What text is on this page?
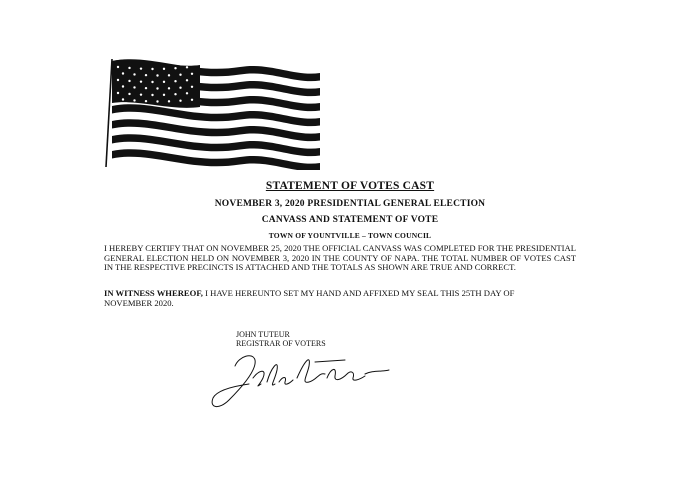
STATEMENT OF VOTES CAST
NOVEMBER 3, 2020 PRESIDENTIAL GENERAL ELECTION
CANVASS AND STATEMENT OF VOTE
TOWN OF YOUNTVILLE – TOWN COUNCIL
I HEREBY CERTIFY THAT ON NOVEMBER 25, 2020 THE OFFICIAL CANVASS WAS COMPLETED FOR THE PRESIDENTIAL GENERAL ELECTION HELD ON NOVEMBER 3, 2020 IN THE COUNTY OF NAPA. THE TOTAL NUMBER OF VOTES CAST IN THE RESPECTIVE PRECINCTS IS ATTACHED AND THE TOTALS AS SHOWN ARE TRUE AND CORRECT.
IN WITNESS WHEREOF, I HAVE HEREUNTO SET MY HAND AND AFFIXED MY SEAL THIS 25TH DAY OF NOVEMBER 2020.
JOHN TUTEUR
REGISTRAR OF VOTERS
